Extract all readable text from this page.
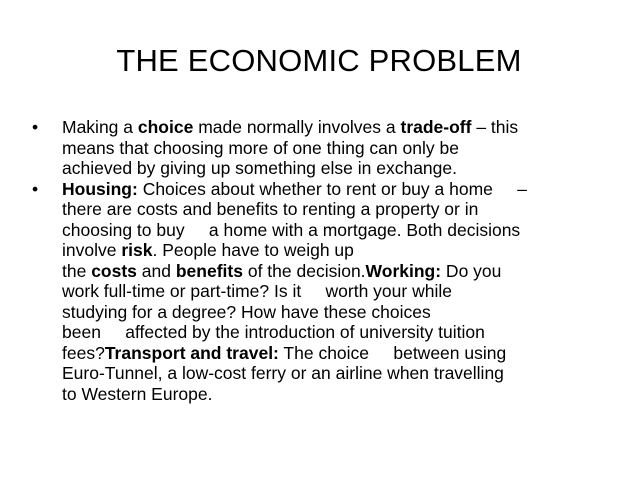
THE ECONOMIC PROBLEM
•
•
Making a choice made normally involves a trade-off – this
means that choosing more of one thing can only be
achieved by giving up something else in exchange.
Housing: Choices about whether to rent or buy a home     –
there are costs and benefits to renting a property or in
choosing to buy     a home with a mortgage. Both decisions
involve risk. People have to weigh up
the costs and benefits of the decision.Working: Do you
work full-time or part-time? Is it     worth your while
studying for a degree? How have these choices
been     affected by the introduction of university tuition
fees?Transport and travel: The choice     between using
Euro-Tunnel, a low-cost ferry or an airline when travelling
to Western Europe.
